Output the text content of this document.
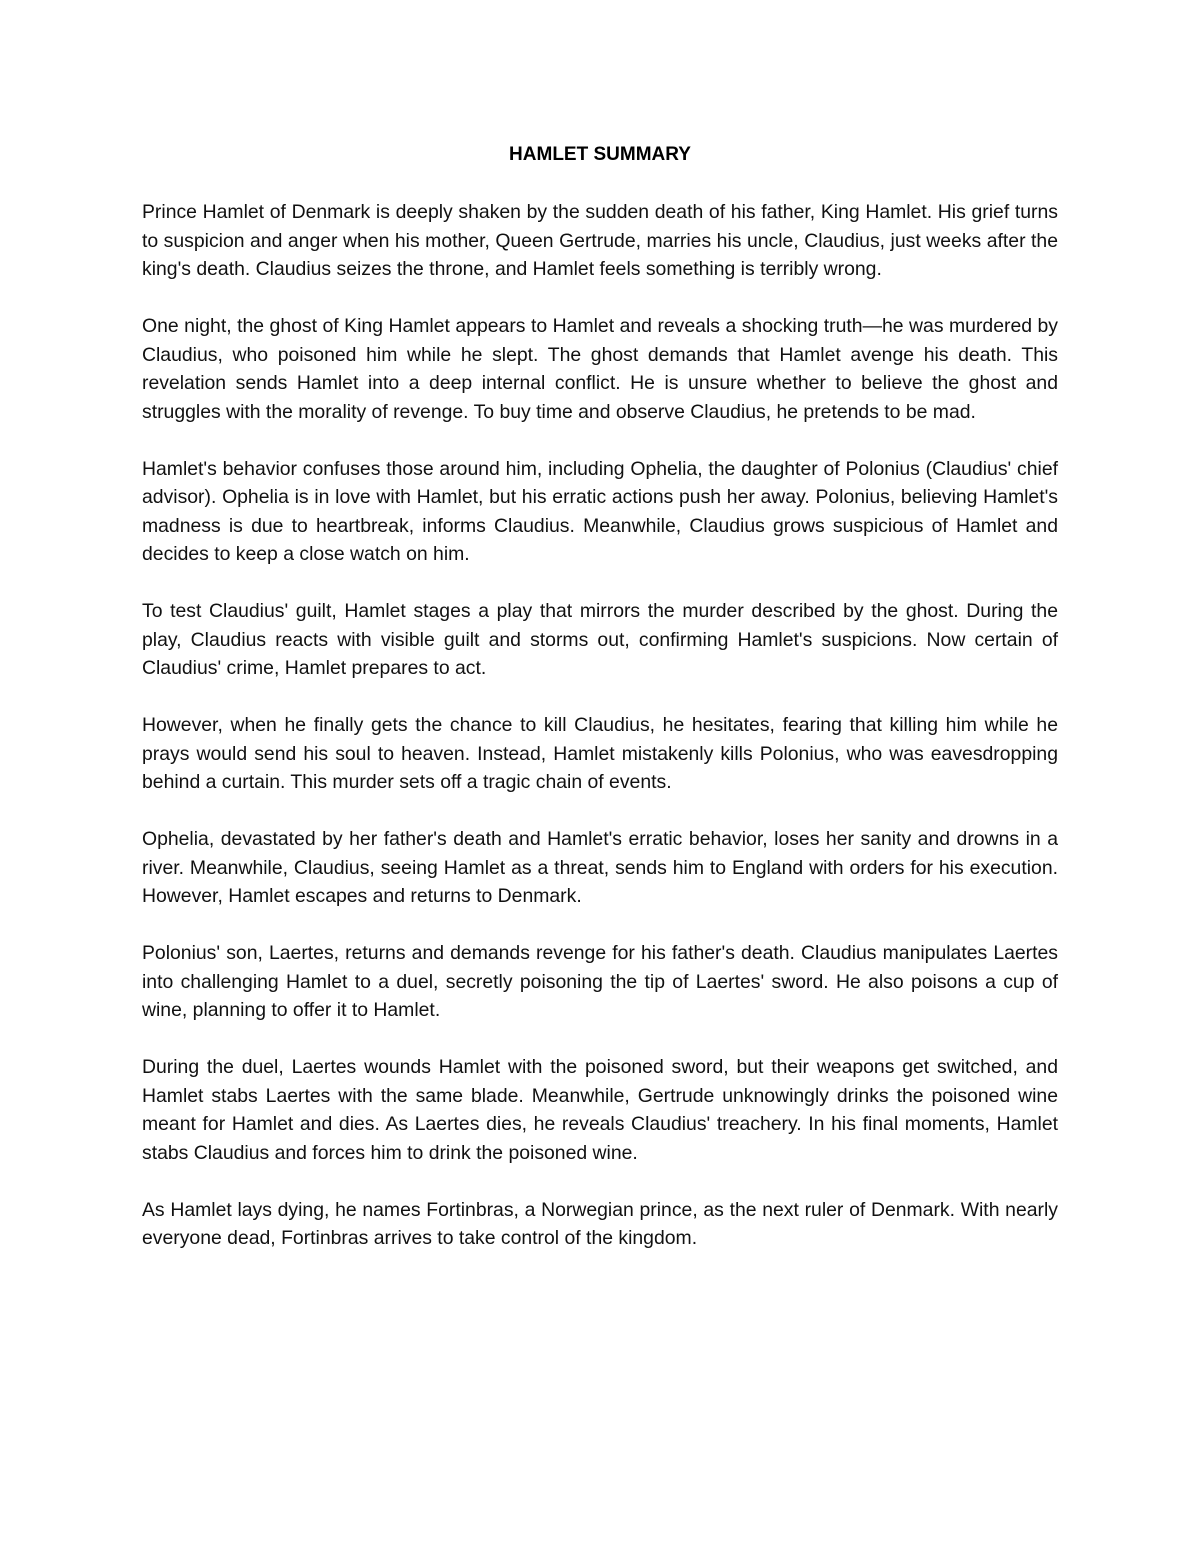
HAMLET SUMMARY

Prince Hamlet of Denmark is deeply shaken by the sudden death of his father, King Hamlet. His grief turns to suspicion and anger when his mother, Queen Gertrude, marries his uncle, Claudius, just weeks after the king's death. Claudius seizes the throne, and Hamlet feels something is terribly wrong.

One night, the ghost of King Hamlet appears to Hamlet and reveals a shocking truth—he was murdered by Claudius, who poisoned him while he slept. The ghost demands that Hamlet avenge his death. This revelation sends Hamlet into a deep internal conflict. He is unsure whether to believe the ghost and struggles with the morality of revenge. To buy time and observe Claudius, he pretends to be mad.

Hamlet's behavior confuses those around him, including Ophelia, the daughter of Polonius (Claudius' chief advisor). Ophelia is in love with Hamlet, but his erratic actions push her away. Polonius, believing Hamlet's madness is due to heartbreak, informs Claudius. Meanwhile, Claudius grows suspicious of Hamlet and decides to keep a close watch on him.

To test Claudius' guilt, Hamlet stages a play that mirrors the murder described by the ghost. During the play, Claudius reacts with visible guilt and storms out, confirming Hamlet's suspicions. Now certain of Claudius' crime, Hamlet prepares to act.

However, when he finally gets the chance to kill Claudius, he hesitates, fearing that killing him while he prays would send his soul to heaven. Instead, Hamlet mistakenly kills Polonius, who was eavesdropping behind a curtain. This murder sets off a tragic chain of events.

Ophelia, devastated by her father's death and Hamlet's erratic behavior, loses her sanity and drowns in a river. Meanwhile, Claudius, seeing Hamlet as a threat, sends him to England with orders for his execution. However, Hamlet escapes and returns to Denmark.

Polonius' son, Laertes, returns and demands revenge for his father's death. Claudius manipulates Laertes into challenging Hamlet to a duel, secretly poisoning the tip of Laertes' sword. He also poisons a cup of wine, planning to offer it to Hamlet.

During the duel, Laertes wounds Hamlet with the poisoned sword, but their weapons get switched, and Hamlet stabs Laertes with the same blade. Meanwhile, Gertrude unknowingly drinks the poisoned wine meant for Hamlet and dies. As Laertes dies, he reveals Claudius' treachery. In his final moments, Hamlet stabs Claudius and forces him to drink the poisoned wine.

As Hamlet lays dying, he names Fortinbras, a Norwegian prince, as the next ruler of Denmark. With nearly everyone dead, Fortinbras arrives to take control of the kingdom.
